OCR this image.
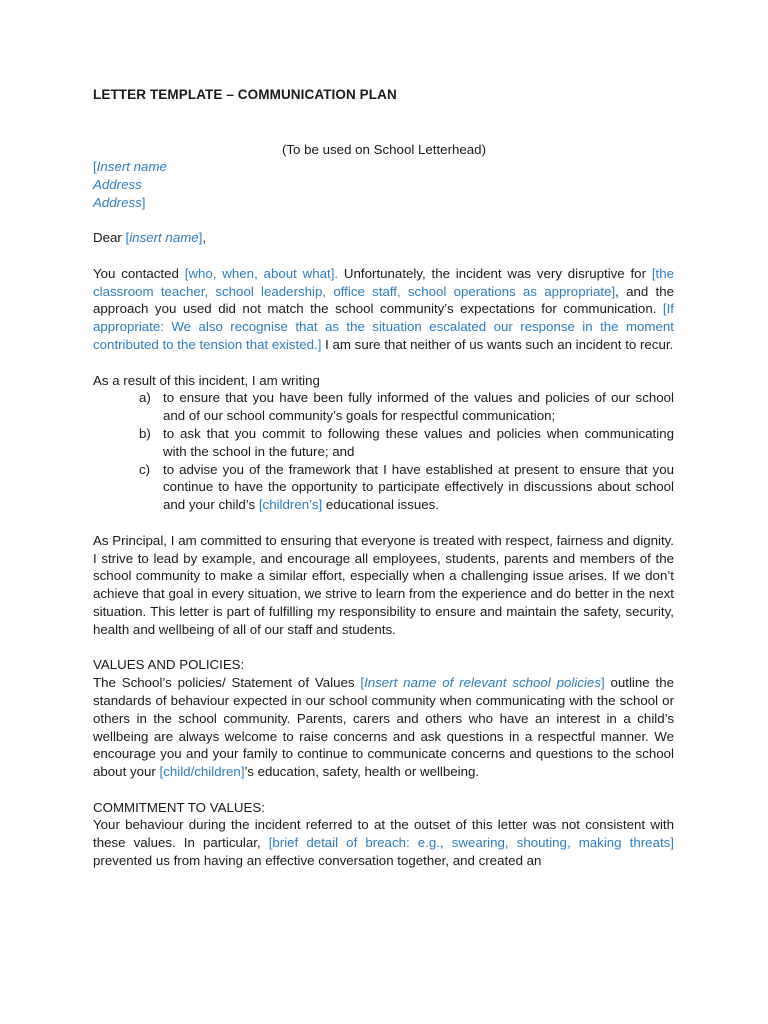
LETTER TEMPLATE – COMMUNICATION PLAN
(To be used on School Letterhead)

[Insert name
Address
Address]

Dear [insert name],

You contacted [who, when, about what]. Unfortunately, the incident was very disruptive for [the classroom teacher, school leadership, office staff, school operations as appropriate], and the approach you used did not match the school community’s expectations for communication. [If appropriate: We also recognise that as the situation escalated our response in the moment contributed to the tension that existed.] I am sure that neither of us wants such an incident to recur.

As a result of this incident, I am writing

a) to ensure that you have been fully informed of the values and policies of our school and of our school community’s goals for respectful communication;
b) to ask that you commit to following these values and policies when communicating with the school in the future; and
c) to advise you of the framework that I have established at present to ensure that you continue to have the opportunity to participate effectively in discussions about school and your child’s [children’s] educational issues.

As Principal, I am committed to ensuring that everyone is treated with respect, fairness and dignity. I strive to lead by example, and encourage all employees, students, parents and members of the school community to make a similar effort, especially when a challenging issue arises. If we don’t achieve that goal in every situation, we strive to learn from the experience and do better in the next situation. This letter is part of fulfilling my responsibility to ensure and maintain the safety, security, health and wellbeing of all of our staff and students.

VALUES AND POLICIES:

The School’s policies/ Statement of Values [Insert name of relevant school policies] outline the standards of behaviour expected in our school community when communicating with the school or others in the school community. Parents, carers and others who have an interest in a child’s wellbeing are always welcome to raise concerns and ask questions in a respectful manner. We encourage you and your family to continue to communicate concerns and questions to the school about your [child/children]’s education, safety, health or wellbeing.

COMMITMENT TO VALUES:

Your behaviour during the incident referred to at the outset of this letter was not consistent with these values. In particular, [brief detail of breach: e.g., swearing, shouting, making threats] prevented us from having an effective conversation together, and created an
